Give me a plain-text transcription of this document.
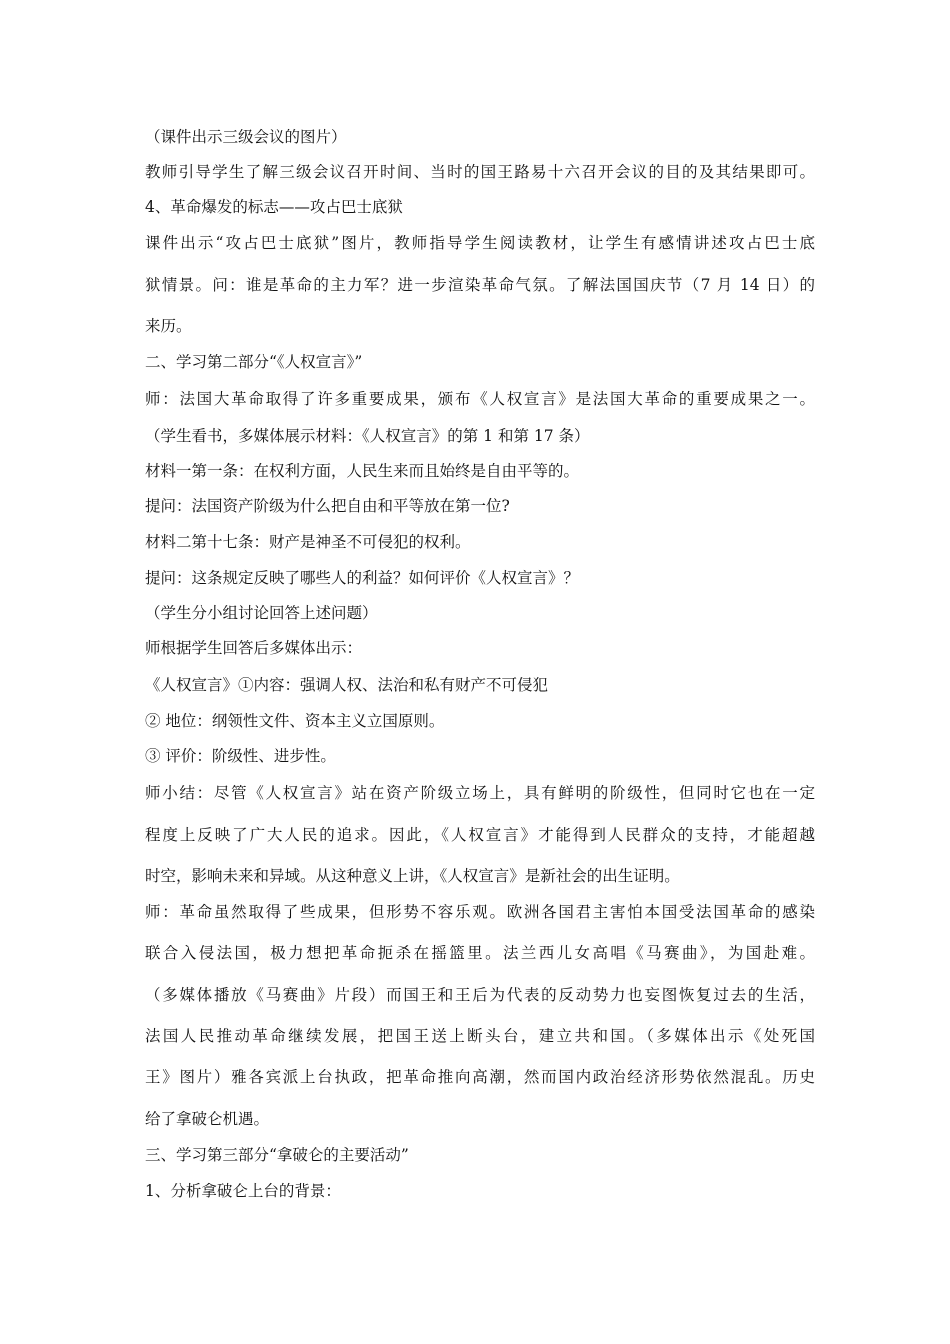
（课件出示三级会议的图片）
教师引导学生了解三级会议召开时间、当时的国王路易十六召开会议的目的及其结果即可。
4、革命爆发的标志——攻占巴士底狱
课件出示“攻占巴士底狱”图片，教师指导学生阅读教材，让学生有感情讲述攻占巴士底
狱情景。问：谁是革命的主力军？进一步渲染革命气氛。了解法国国庆节（7 月 14 日）的
来历。
二、学习第二部分“《人权宣言》”
师：法国大革命取得了许多重要成果，颁布《人权宣言》是法国大革命的重要成果之一。
（学生看书，多媒体展示材料：《人权宣言》的第 1 和第 17 条）
材料一第一条：在权利方面，人民生来而且始终是自由平等的。
提问：法国资产阶级为什么把自由和平等放在第一位?
材料二第十七条：财产是神圣不可侵犯的权利。
提问：这条规定反映了哪些人的利益？如何评价《人权宣言》？
（学生分小组讨论回答上述问题）
师根据学生回答后多媒体出示：
《人权宣言》①内容：强调人权、法治和私有财产不可侵犯
② 地位：纲领性文件、资本主义立国原则。
③ 评价：阶级性、进步性。
师小结：尽管《人权宣言》站在资产阶级立场上，具有鲜明的阶级性，但同时它也在一定
程度上反映了广大人民的追求。因此，《人权宣言》才能得到人民群众的支持，才能超越
时空，影响未来和异域。从这种意义上讲，《人权宣言》是新社会的出生证明。
师：革命虽然取得了些成果，但形势不容乐观。欧洲各国君主害怕本国受法国革命的感染
联合入侵法国，极力想把革命扼杀在摇篮里。法兰西儿女高唱《马赛曲》，为国赴难。
（多媒体播放《马赛曲》片段）而国王和王后为代表的反动势力也妄图恢复过去的生活，
法国人民推动革命继续发展，把国王送上断头台，建立共和国。（多媒体出示《处死国
王》图片）雅各宾派上台执政，把革命推向高潮，然而国内政治经济形势依然混乱。历史
给了拿破仑机遇。
三、学习第三部分“拿破仑的主要活动”
1、分析拿破仑上台的背景：
